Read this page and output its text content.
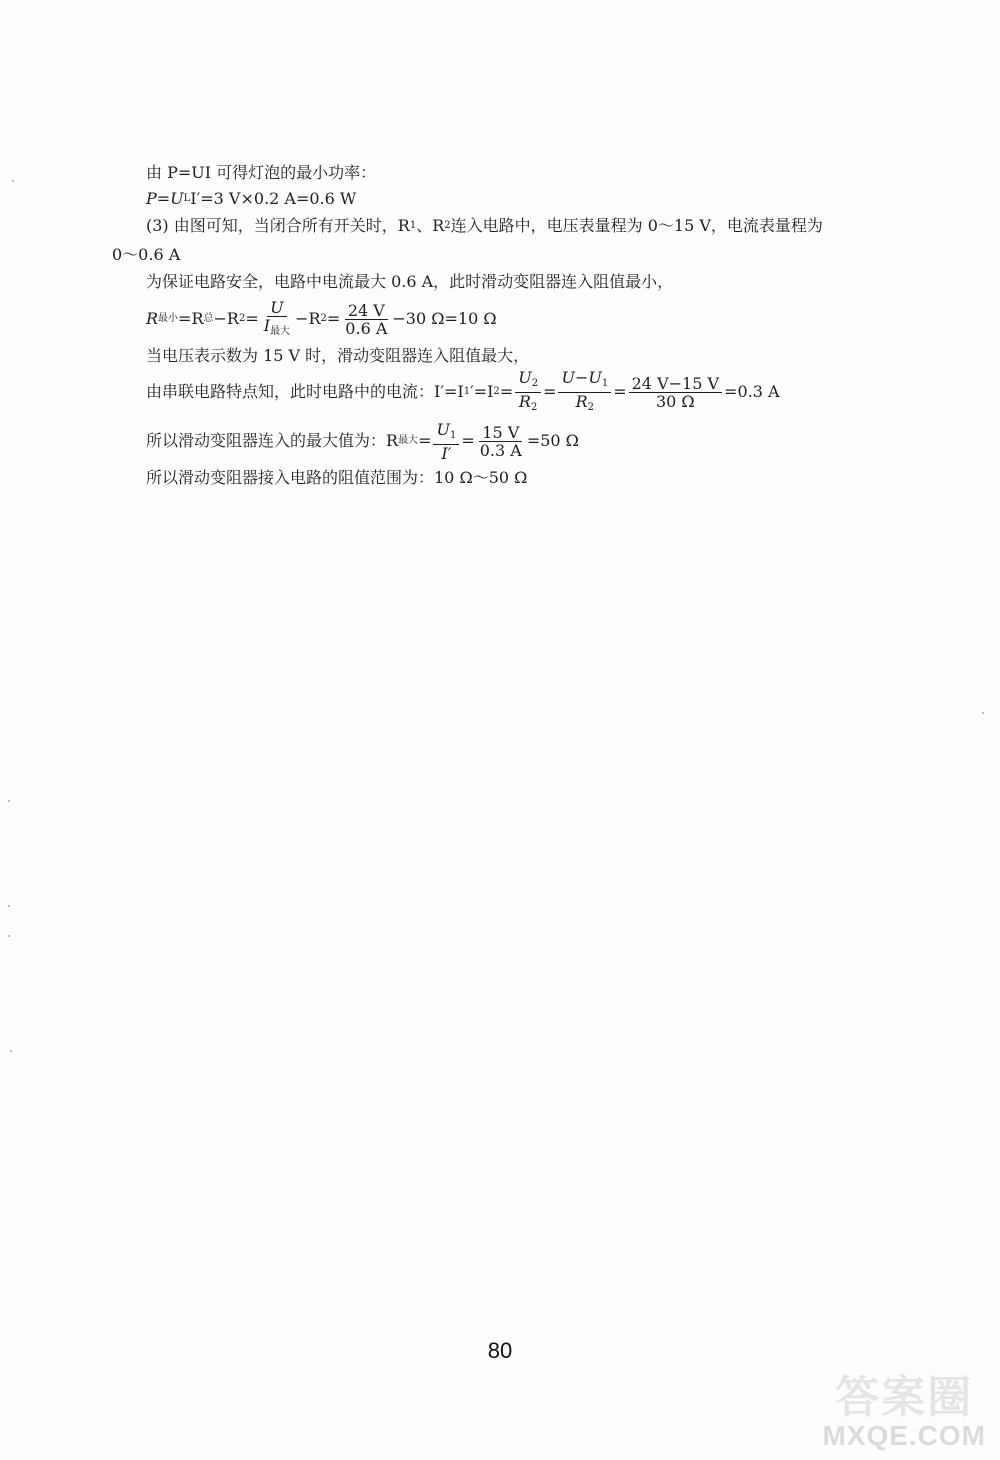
由 P=UI 可得灯泡的最小功率：
P=U L I′=3 V×0.2 A=0.6 W
(3) 由图可知，当闭合所有开关时，R 1 、R 2 连入电路中，电压表量程为 0～15 V，电流表量程为
0～0.6 A
为保证电路安全，电路中电流最大 0.6 A，此时滑动变阻器连入阻值最小，
R 最小 =R 总 −R $2 = \frac{U}{I_{最大}} -R$ $2 = \frac{24 V}{0.6 A} -30$ Ω=10 Ω
当电压表示数为 15 V 时，滑动变阻器连入阻值最大，
由串联电路特点知，此时电路中的电流：I′=I 1 ′=I $2 = \frac{U_2}{R_2} = \frac{U-U_1}{R_2} = \frac{24 V-15 V}{30 \Omega} =0.3$ A
所以滑动变阻器连入的最大值为：R 最大 = $\frac{U_1}{I'} = \frac{15 V}{0.3 A} =50$ Ω
所以滑动变阻器接入电路的阻值范围为：10 Ω～50 Ω
80
答案圈
MXQE.COM
